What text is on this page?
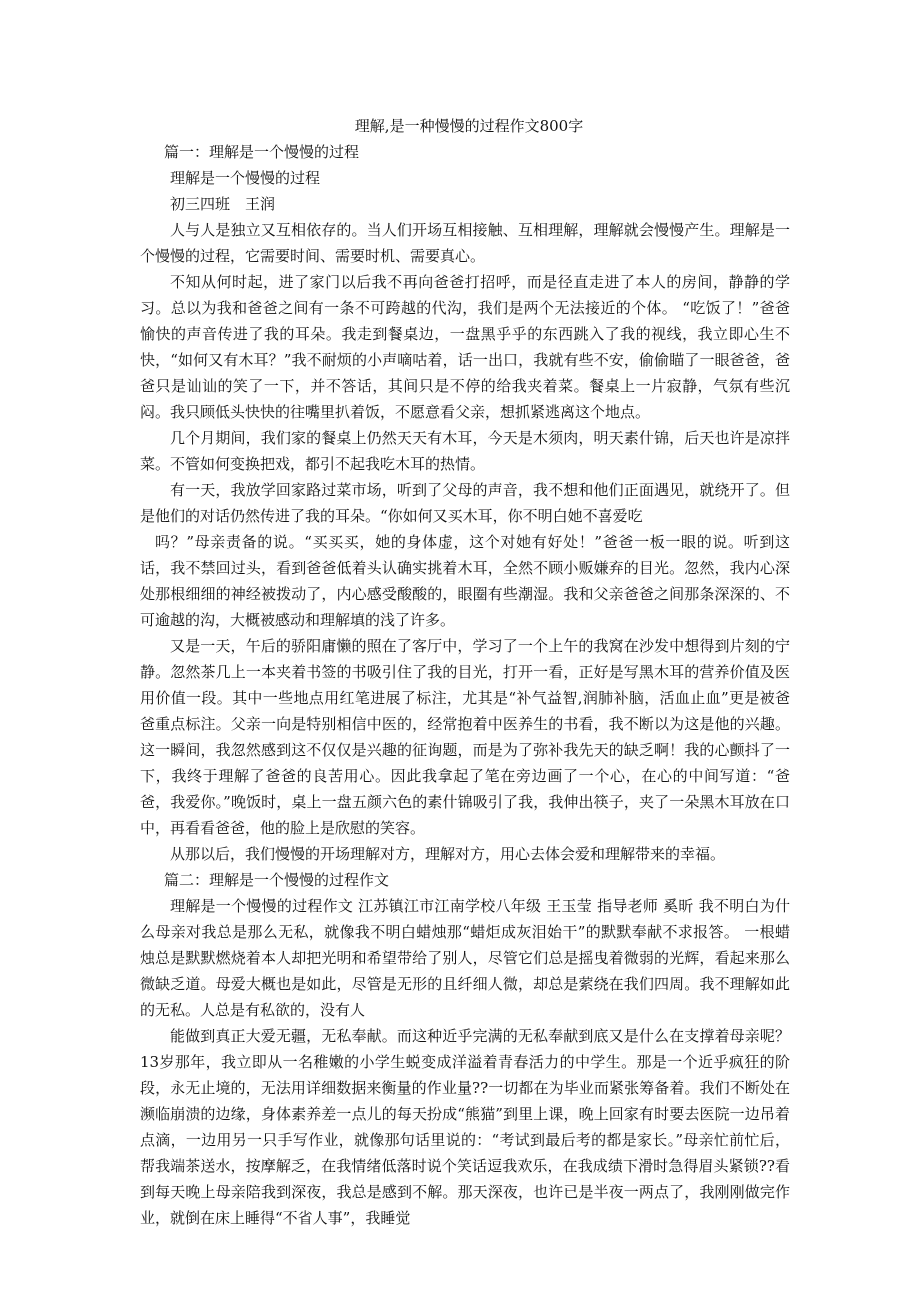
理解,是一种慢慢的过程作文800字
篇一：理解是一个慢慢的过程
理解是一个慢慢的过程
初三四班　王润

人与人是独立又互相依存的。当人们开场互相接触、互相理解，理解就会慢慢产生。理解是一个慢慢的过程，它需要时间、需要时机、需要真心。

不知从何时起，进了家门以后我不再向爸爸打招呼，而是径直走进了本人的房间，静静的学习。总以为我和爸爸之间有一条不可跨越的代沟，我们是两个无法接近的个体。 “吃饭了！”爸爸愉快的声音传进了我的耳朵。我走到餐桌边，一盘黑乎乎的东西跳入了我的视线，我立即心生不快，“如何又有木耳？”我不耐烦的小声嘀咕着，话一出口，我就有些不安，偷偷瞄了一眼爸爸，爸爸只是讪讪的笑了一下，并不答话，其间只是不停的给我夹着菜。餐桌上一片寂静，气氛有些沉闷。我只顾低头快快的往嘴里扒着饭，不愿意看父亲，想抓紧逃离这个地点。

几个月期间，我们家的餐桌上仍然天天有木耳，今天是木须肉，明天素什锦，后天也许是凉拌菜。不管如何变换把戏，都引不起我吃木耳的热情。

有一天，我放学回家路过菜市场，听到了父母的声音，我不想和他们正面遇见，就绕开了。但是他们的对话仍然传进了我的耳朵。“你如何又买木耳，你不明白她不喜爱吃

吗？”母亲责备的说。“买买买，她的身体虚，这个对她有好处！”爸爸一板一眼的说。听到这话，我不禁回过头，看到爸爸低着头认确实挑着木耳，全然不顾小贩嫌弃的目光。忽然，我内心深处那根细细的神经被拨动了，内心感受酸酸的，眼圈有些潮湿。我和父亲爸爸之间那条深深的、不可逾越的沟，大概被感动和理解填的浅了许多。

又是一天，午后的骄阳庸懒的照在了客厅中，学习了一个上午的我窝在沙发中想得到片刻的宁静。忽然茶几上一本夹着书签的书吸引住了我的目光，打开一看，正好是写黑木耳的营养价值及医用价值一段。其中一些地点用红笔进展了标注，尤其是“补气益智,润肺补脑，活血止血”更是被爸爸重点标注。父亲一向是特别相信中医的，经常抱着中医养生的书看，我不断以为这是他的兴趣。这一瞬间，我忽然感到这不仅仅是兴趣的征询题，而是为了弥补我先天的缺乏啊！我的心颤抖了一下，我终于理解了爸爸的良苦用心。因此我拿起了笔在旁边画了一个心，在心的中间写道：“爸爸，我爱你。”晚饭时，桌上一盘五颜六色的素什锦吸引了我，我伸出筷子，夹了一朵黑木耳放在口中，再看看爸爸，他的脸上是欣慰的笑容。

从那以后，我们慢慢的开场理解对方，理解对方，用心去体会爱和理解带来的幸福。

篇二：理解是一个慢慢的过程作文

理解是一个慢慢的过程作文 江苏镇江市江南学校八年级 王玉莹 指导老师 奚昕 我不明白为什么母亲对我总是那么无私，就像我不明白蜡烛那“蜡炬成灰泪始干”的默默奉献不求报答。 一根蜡烛总是默默燃烧着本人却把光明和希望带给了别人，尽管它们总是摇曳着微弱的光辉，看起来那么微缺乏道。母爱大概也是如此，尽管是无形的且纤细人微，却总是萦绕在我们四周。我不理解如此的无私。人总是有私欲的，没有人

能做到真正大爱无疆，无私奉献。而这种近乎完满的无私奉献到底又是什么在支撑着母亲呢？ 13岁那年，我立即从一名稚嫩的小学生蜕变成洋溢着青春活力的中学生。那是一个近乎疯狂的阶段，永无止境的，无法用详细数据来衡量的作业量??一切都在为毕业而紧张筹备着。我们不断处在濒临崩溃的边缘，身体素养差一点儿的每天扮成“熊猫”到里上课，晚上回家有时要去医院一边吊着点滴，一边用另一只手写作业，就像那句话里说的：“考试到最后考的都是家长。”母亲忙前忙后，帮我端茶送水，按摩解乏，在我情绪低落时说个笑话逗我欢乐，在我成绩下滑时急得眉头紧锁??看到每天晚上母亲陪我到深夜，我总是感到不解。那天深夜，也许已是半夜一两点了，我刚刚做完作业，就倒在床上睡得“不省人事”，我睡觉
